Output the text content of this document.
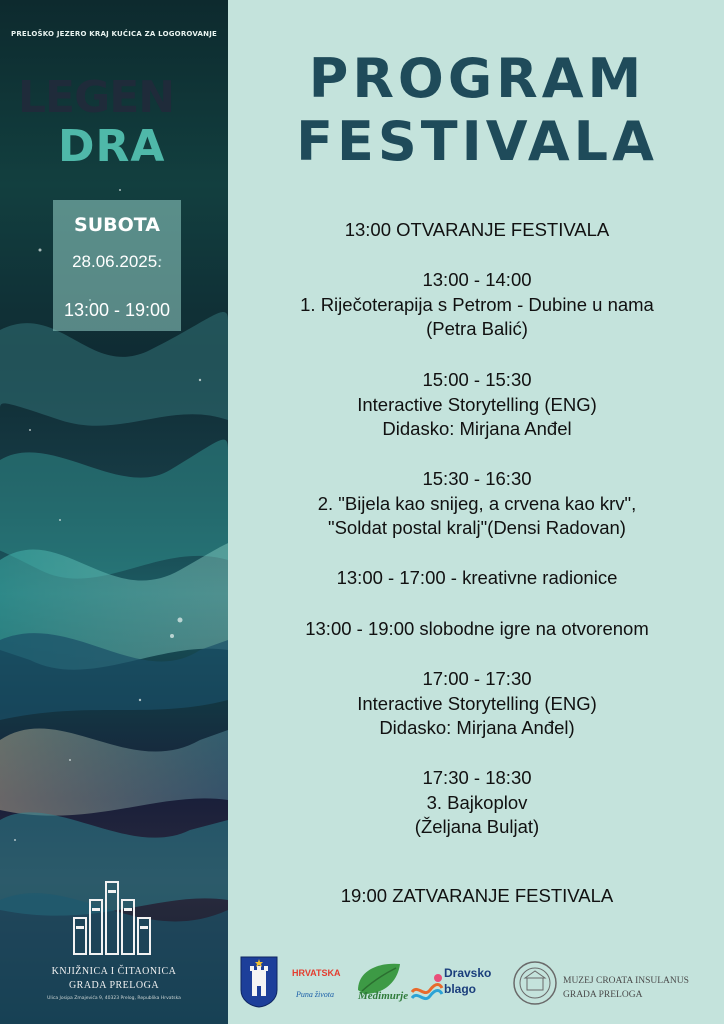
PRELOŠKO JEZERO KRAJ KUĆICA ZA LOGOROVANJE
LEGEN
DRA
SUBOTA
28.06.2025.
13:00 - 19:00
KNJIŽNICA I ČITAONICA
GRADA PRELOGA
Ulica Josipa Zmajevića 9, 40323 Prelog, Republika Hrvatska
PROGRAM
FESTIVALA
13:00 OTVARANJE FESTIVALA
13:00 - 14:00
1. Riječoterapija s Petrom - Dubine u nama
(Petra Balić)
15:00 - 15:30
Interactive Storytelling (ENG)
Didasko: Mirjana Anđel
15:30 - 16:30
2. "Bijela kao snijeg, a crvena kao krv",
"Soldat postal kralj"(Densi Radovan)
13:00 - 17:00 - kreativne radionice
13:00 - 19:00 slobodne igre na otvorenom
17:00 - 17:30
Interactive Storytelling (ENG)
Didasko: Mirjana Anđel)
17:30 - 18:30
3. Bajkoplov
(Željana Buljat)
19:00 ZATVARANJE FESTIVALA
HRVATSKA
Puna života Međimurje
Dravsko
blago
MUZEJ CROATA INSULANUS
GRADA PRELOGA
